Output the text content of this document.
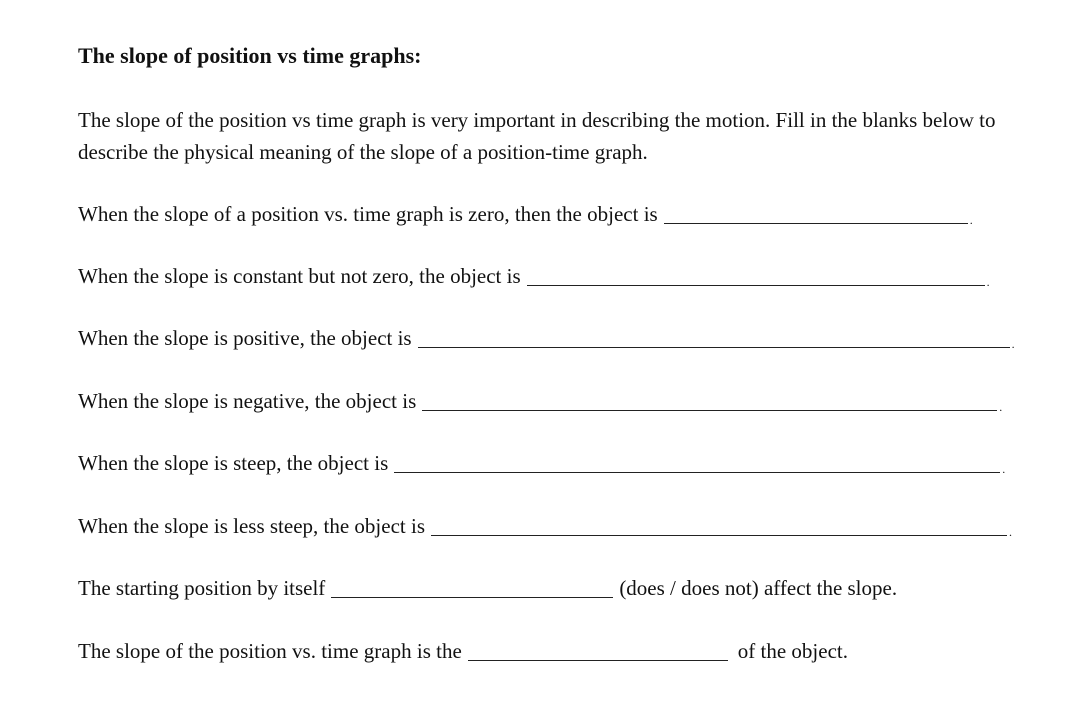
The slope of position vs time graphs:
The slope of the position vs time graph is very important in describing the motion. Fill in the blanks below to describe the physical meaning of the slope of a position-time graph.
When the slope of a position vs. time graph is zero, then the object is	.
When the slope is constant but not zero, the object is	.
When the slope is positive, the object is	.
When the slope is negative, the object is	.
When the slope is steep, the object is	.
When the slope is less steep, the object is	.
The starting position by itself	(does / does not) affect the slope.
The slope of the position vs. time graph is the	of the object.
